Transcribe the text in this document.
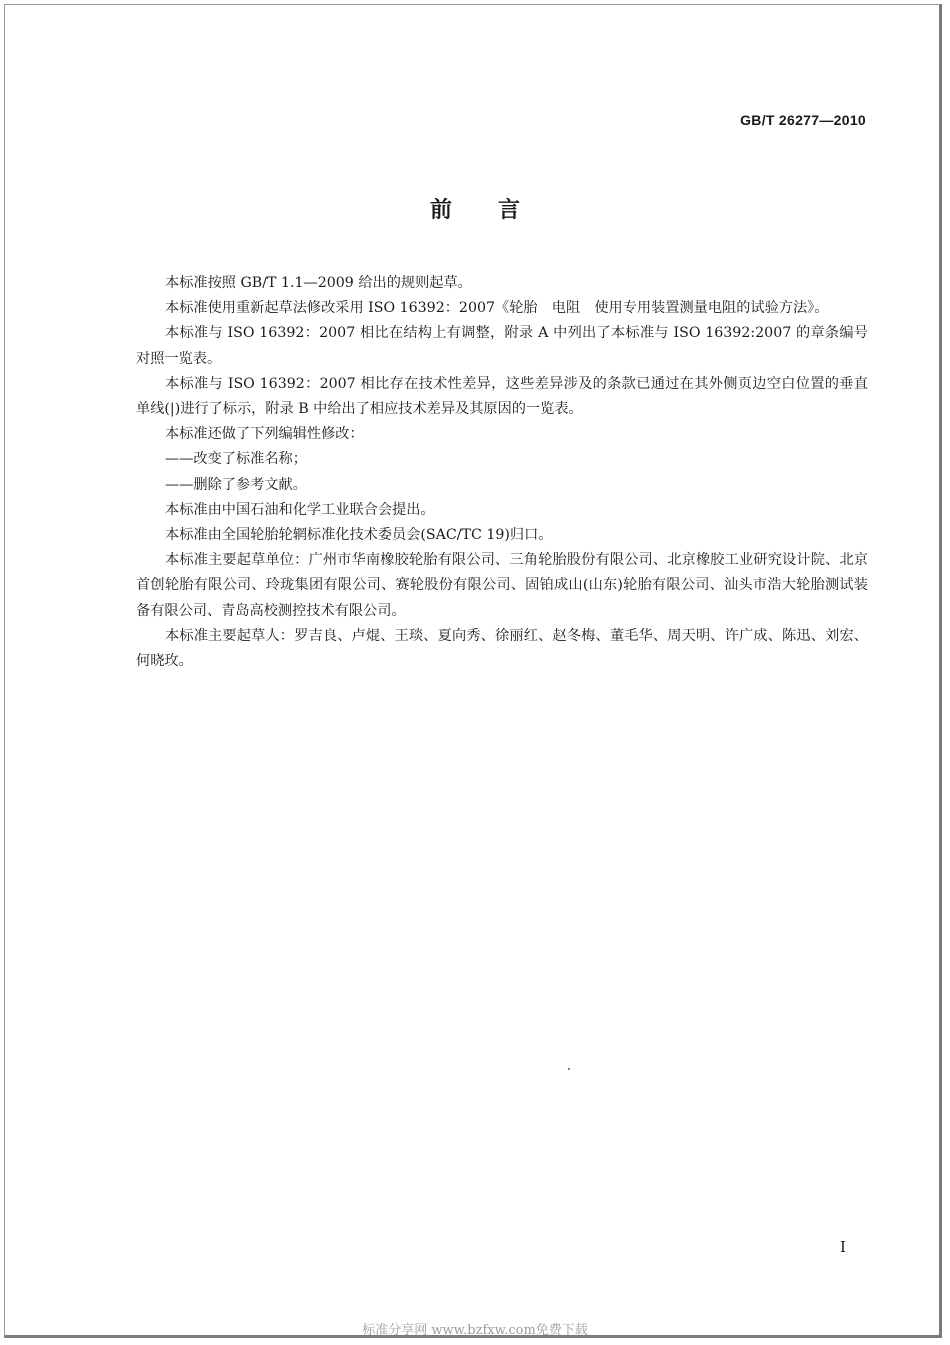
GB/T 26277—2010
前言

本标准按照 GB/T 1.1—2009 给出的规则起草。

本标准使用重新起草法修改采用 ISO 16392：2007《轮胎　电阻　使用专用装置测量电阻的试验方法》。

本标准与 ISO 16392：2007 相比在结构上有调整，附录 A 中列出了本标准与 ISO 16392:2007 的章条编号对照一览表。

本标准与 ISO 16392：2007 相比存在技术性差异，这些差异涉及的条款已通过在其外侧页边空白位置的垂直单线(|)进行了标示，附录 B 中给出了相应技术差异及其原因的一览表。

本标准还做了下列编辑性修改：

——改变了标准名称；

——删除了参考文献。

本标准由中国石油和化学工业联合会提出。

本标准由全国轮胎轮辋标准化技术委员会(SAC/TC 19)归口。

本标准主要起草单位：广州市华南橡胶轮胎有限公司、三角轮胎股份有限公司、北京橡胶工业研究设计院、北京首创轮胎有限公司、玲珑集团有限公司、赛轮股份有限公司、固铂成山(山东)轮胎有限公司、汕头市浩大轮胎测试装备有限公司、青岛高校测控技术有限公司。

本标准主要起草人：罗吉良、卢焜、王琰、夏向秀、徐丽红、赵冬梅、董毛华、周天明、许广成、陈迅、刘宏、何晓玫。

I
标准分享网 www.bzfxw.com免费下载
